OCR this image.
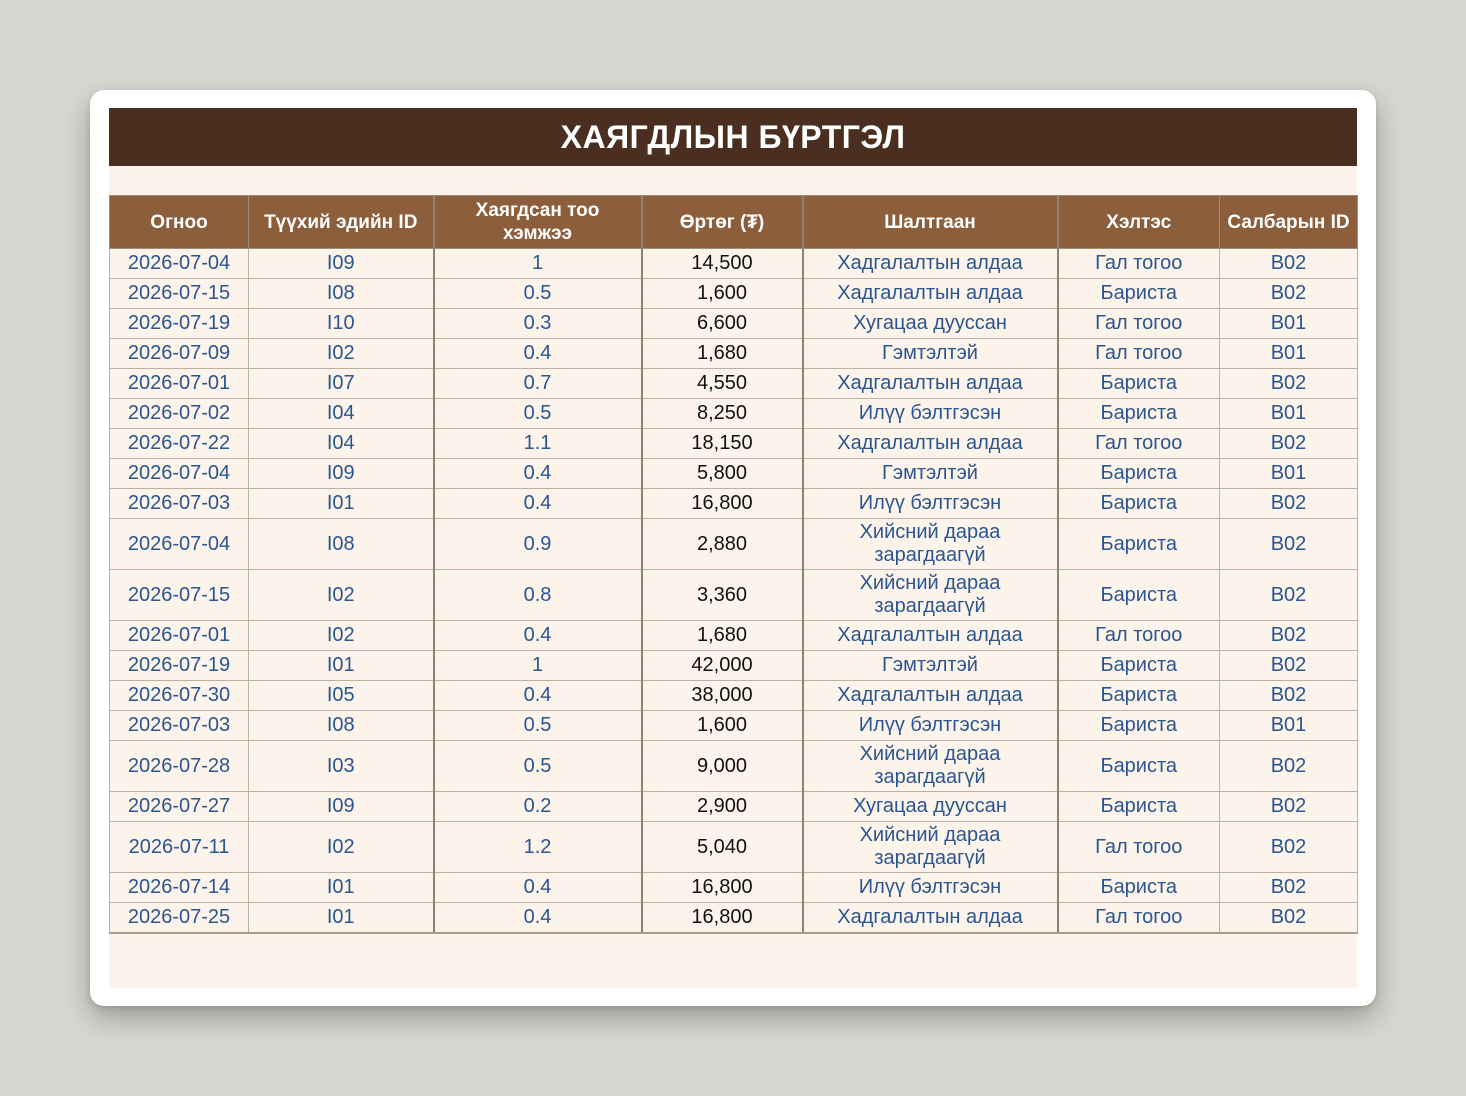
ХАЯГДЛЫН БҮРТГЭЛ
Огноо	Түүхий эдийн ID	Хаягдсан тоо хэмжээ	Өртөг (₮)	Шалтгаан	Хэлтэс	Салбарын ID
2026-07-04	I09	1	14,500	Хадгалалтын алдаа	Гал тогоо	B02
2026-07-15	I08	0.5	1,600	Хадгалалтын алдаа	Бариста	B02
2026-07-19	I10	0.3	6,600	Хугацаа дууссан	Гал тогоо	B01
2026-07-09	I02	0.4	1,680	Гэмтэлтэй	Гал тогоо	B01
2026-07-01	I07	0.7	4,550	Хадгалалтын алдаа	Бариста	B02
2026-07-02	I04	0.5	8,250	Илүү бэлтгэсэн	Бариста	B01
2026-07-22	I04	1.1	18,150	Хадгалалтын алдаа	Гал тогоо	B02
2026-07-04	I09	0.4	5,800	Гэмтэлтэй	Бариста	B01
2026-07-03	I01	0.4	16,800	Илүү бэлтгэсэн	Бариста	B02
2026-07-04	I08	0.9	2,880	Хийсний дараа зарагдаагүй	Бариста	B02
2026-07-15	I02	0.8	3,360	Хийсний дараа зарагдаагүй	Бариста	B02
2026-07-01	I02	0.4	1,680	Хадгалалтын алдаа	Гал тогоо	B02
2026-07-19	I01	1	42,000	Гэмтэлтэй	Бариста	B02
2026-07-30	I05	0.4	38,000	Хадгалалтын алдаа	Бариста	B02
2026-07-03	I08	0.5	1,600	Илүү бэлтгэсэн	Бариста	B01
2026-07-28	I03	0.5	9,000	Хийсний дараа зарагдаагүй	Бариста	B02
2026-07-27	I09	0.2	2,900	Хугацаа дууссан	Бариста	B02
2026-07-11	I02	1.2	5,040	Хийсний дараа зарагдаагүй	Гал тогоо	B02
2026-07-14	I01	0.4	16,800	Илүү бэлтгэсэн	Бариста	B02
2026-07-25	I01	0.4	16,800	Хадгалалтын алдаа	Гал тогоо	B02
